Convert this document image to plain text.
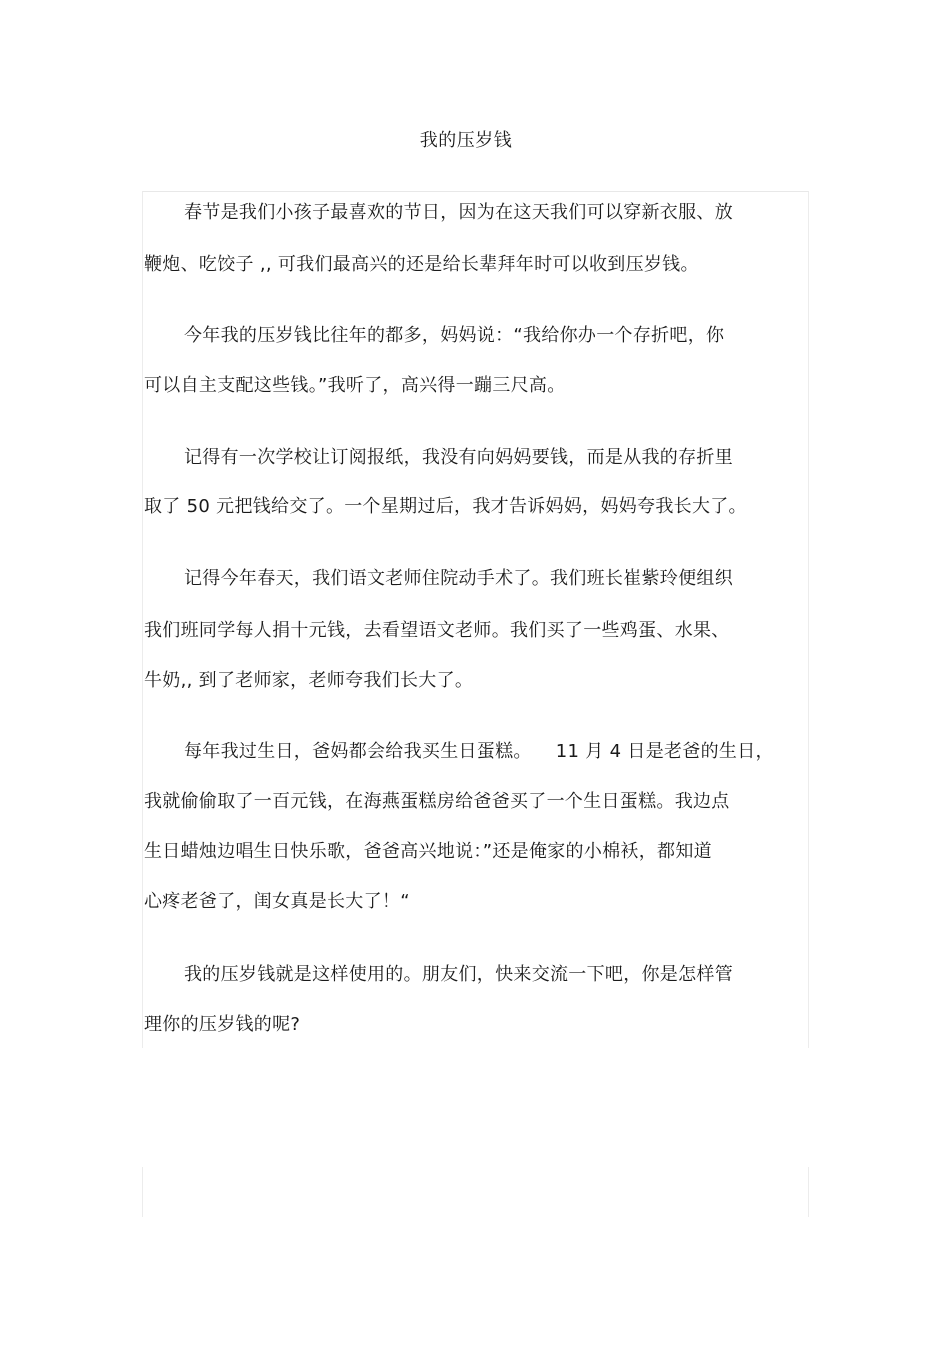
我的压岁钱
春节是我们小孩子最喜欢的节日，因为在这天我们可以穿新衣服、放
鞭炮、吃饺子 ,, 可我们最高兴的还是给长辈拜年时可以收到压岁钱。
今年我的压岁钱比往年的都多，妈妈说：“我给你办一个存折吧，你
可以自主支配这些钱。”我听了，高兴得一蹦三尺高。
记得有一次学校让订阅报纸，我没有向妈妈要钱，而是从我的存折里
取了 50 元把钱给交了。一个星期过后，我才告诉妈妈，妈妈夸我长大了。
记得今年春天，我们语文老师住院动手术了。我们班长崔紫玲便组织
我们班同学每人捐十元钱，去看望语文老师。我们买了一些鸡蛋、水果、
牛奶,, 到了老师家，老师夸我们长大了。
每年我过生日，爸妈都会给我买生日蛋糕。    11 月 4 日是老爸的生日，
我就偷偷取了一百元钱，在海燕蛋糕房给爸爸买了一个生日蛋糕。我边点
生日蜡烛边唱生日快乐歌，爸爸高兴地说：”还是俺家的小棉袄，都知道
心疼老爸了，闺女真是长大了！“
我的压岁钱就是这样使用的。朋友们，快来交流一下吧，你是怎样管
理你的压岁钱的呢?
